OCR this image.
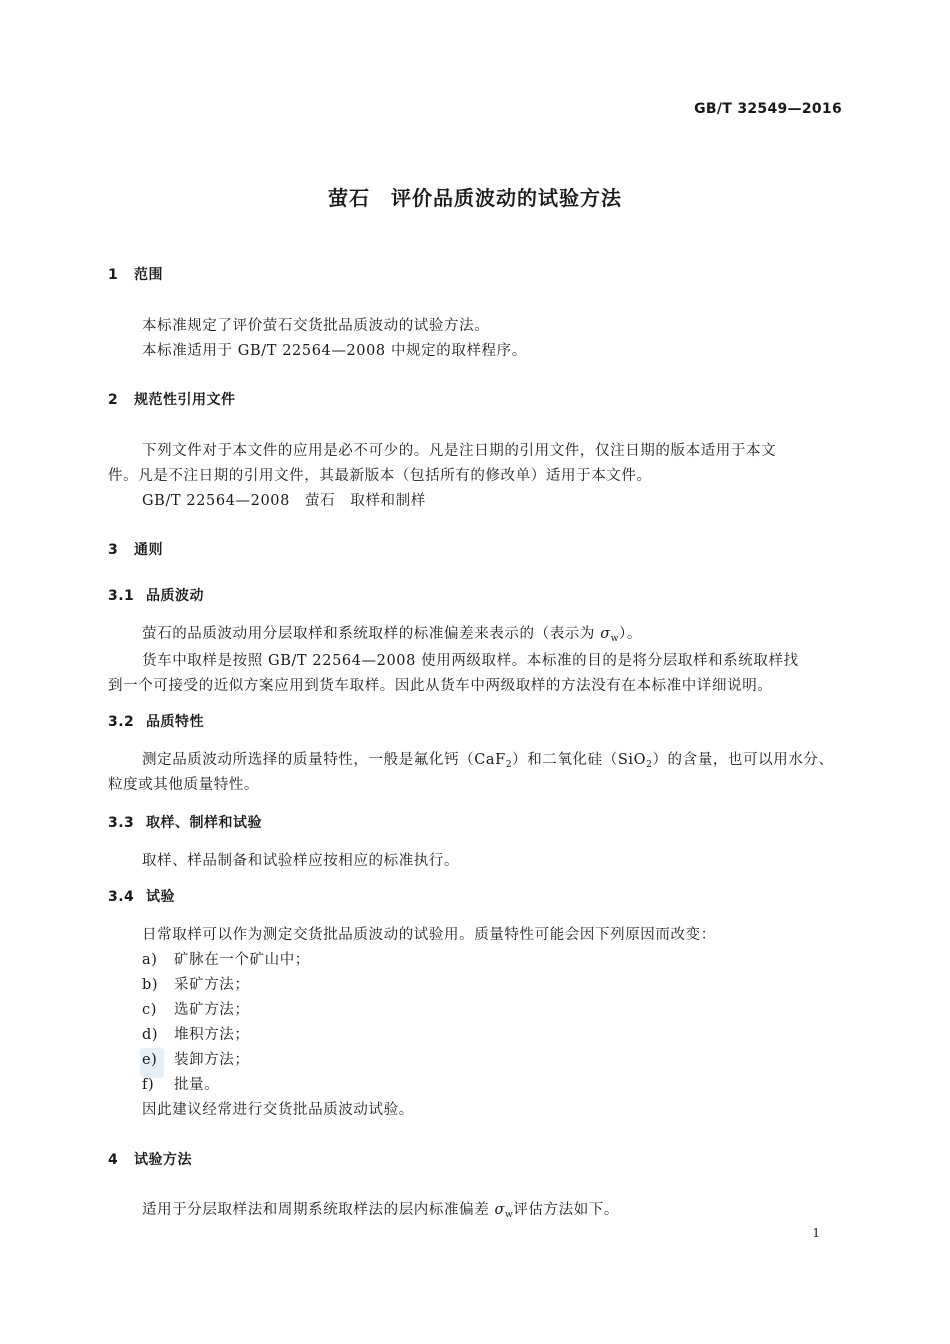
GB/T 32549—2016
萤石　评价品质波动的试验方法
1 范围
本标准规定了评价萤石交货批品质波动的试验方法。
本标准适用于 GB/T 22564—2008 中规定的取样程序。
2 规范性引用文件
下列文件对于本文件的应用是必不可少的。凡是注日期的引用文件，仅注日期的版本适用于本文
件。凡是不注日期的引用文件，其最新版本（包括所有的修改单）适用于本文件。
GB/T 22564—2008　萤石　取样和制样
3 通则
3.1 品质波动
萤石的品质波动用分层取样和系统取样的标准偏差来表示的（表示为 $\sigma_w$）。
货车中取样是按照 GB/T 22564—2008 使用两级取样。本标准的目的是将分层取样和系统取样找
到一个可接受的近似方案应用到货车取样。因此从货车中两级取样的方法没有在本标准中详细说明。
3.2 品质特性
测定品质波动所选择的质量特性，一般是氟化钙（CaF$_2$）和二氧化硅（SiO$_2$）的含量，也可以用水分、
粒度或其他质量特性。
3.3 取样、制样和试验
取样、样品制备和试验样应按相应的标准执行。
3.4 试验
日常取样可以作为测定交货批品质波动的试验用。质量特性可能会因下列原因而改变：
a) 矿脉在一个矿山中；
b) 采矿方法；
c) 选矿方法；
d) 堆积方法；
e) 装卸方法；
f) 批量。
因此建议经常进行交货批品质波动试验。
4 试验方法
适用于分层取样法和周期系统取样法的层内标准偏差 $\sigma_w$评估方法如下。
1
